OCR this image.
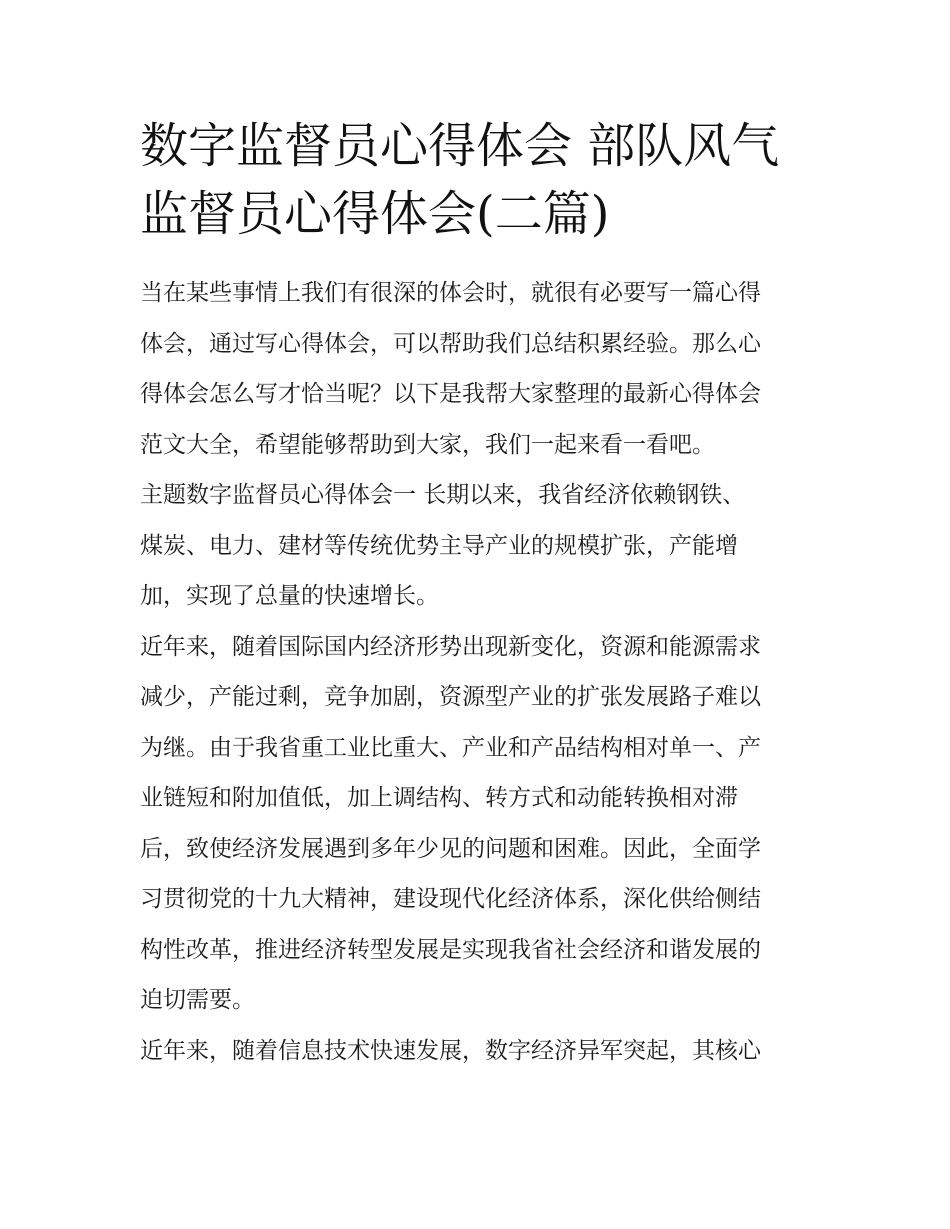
数字监督员心得体会 部队风气
监督员心得体会(二篇)

当在某些事情上我们有很深的体会时，就很有必要写一篇心得
体会，通过写心得体会，可以帮助我们总结积累经验。那么心
得体会怎么写才恰当呢？以下是我帮大家整理的最新心得体会
范文大全，希望能够帮助到大家，我们一起来看一看吧。

主题数字监督员心得体会一 长期以来，我省经济依赖钢铁、
煤炭、电力、建材等传统优势主导产业的规模扩张，产能增
加，实现了总量的快速增长。

近年来，随着国际国内经济形势出现新变化，资源和能源需求
减少，产能过剩，竞争加剧，资源型产业的扩张发展路子难以
为继。由于我省重工业比重大、产业和产品结构相对单一、产
业链短和附加值低，加上调结构、转方式和动能转换相对滞
后，致使经济发展遇到多年少见的问题和困难。因此，全面学
习贯彻党的十九大精神，建设现代化经济体系，深化供给侧结
构性改革，推进经济转型发展是实现我省社会经济和谐发展的
迫切需要。

近年来，随着信息技术快速发展，数字经济异军突起，其核心
